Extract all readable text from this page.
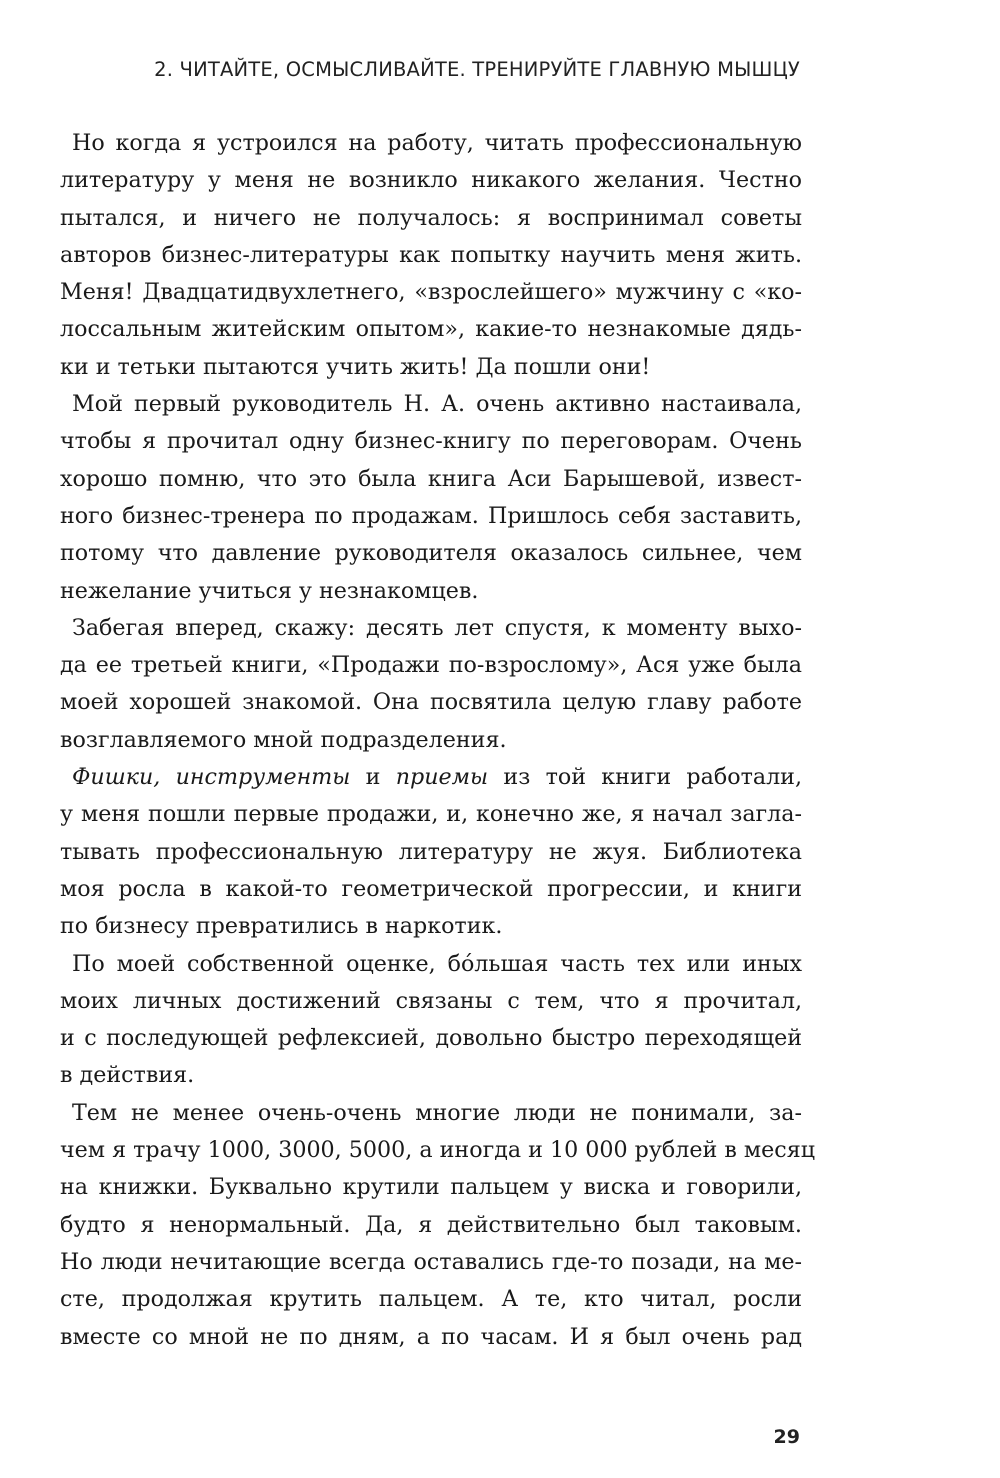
2. ЧИТАЙТЕ, ОСМЫСЛИВАЙТЕ. ТРЕНИРУЙТЕ ГЛАВНУЮ МЫШЦУ
Но когда я устроился на работу, читать профессиональную
литературу у меня не возникло никакого желания. Честно
пытался, и ничего не получалось: я воспринимал советы
авторов бизнес-литературы как попытку научить меня жить.
Меня! Двадцатидвухлетнего, «взрослейшего» мужчину с «ко-
лоссальным житейским опытом», какие-то незнакомые дядь-
ки и тетьки пытаются учить жить! Да пошли они!
Мой первый руководитель Н. А. очень активно настаивала,
чтобы я прочитал одну бизнес-книгу по переговорам. Очень
хорошо помню, что это была книга Аси Барышевой, извест-
ного бизнес-тренера по продажам. Пришлось себя заставить,
потому что давление руководителя оказалось сильнее, чем
нежелание учиться у незнакомцев.
Забегая вперед, скажу: десять лет спустя, к моменту выхо-
да ее третьей книги, «Продажи по-взрослому», Ася уже была
моей хорошей знакомой. Она посвятила целую главу работе
возглавляемого мной подразделения.
Фишки, инструменты и приемы из той книги работали,
у меня пошли первые продажи, и, конечно же, я начал загла-
тывать профессиональную литературу не жуя. Библиотека
моя росла в какой-то геометрической прогрессии, и книги
по бизнесу превратились в наркотик.
По моей собственной оценке, бóльшая часть тех или иных
моих личных достижений связаны с тем, что я прочитал,
и с последующей рефлексией, довольно быстро переходящей
в действия.
Тем не менее очень-очень многие люди не понимали, за-
чем я трачу 1000, 3000, 5000, а иногда и 10 000 рублей в месяц
на книжки. Буквально крутили пальцем у виска и говорили,
будто я ненормальный. Да, я действительно был таковым.
Но люди нечитающие всегда оставались где-то позади, на ме-
сте, продолжая крутить пальцем. А те, кто читал, росли
вместе со мной не по дням, а по часам. И я был очень рад
29
